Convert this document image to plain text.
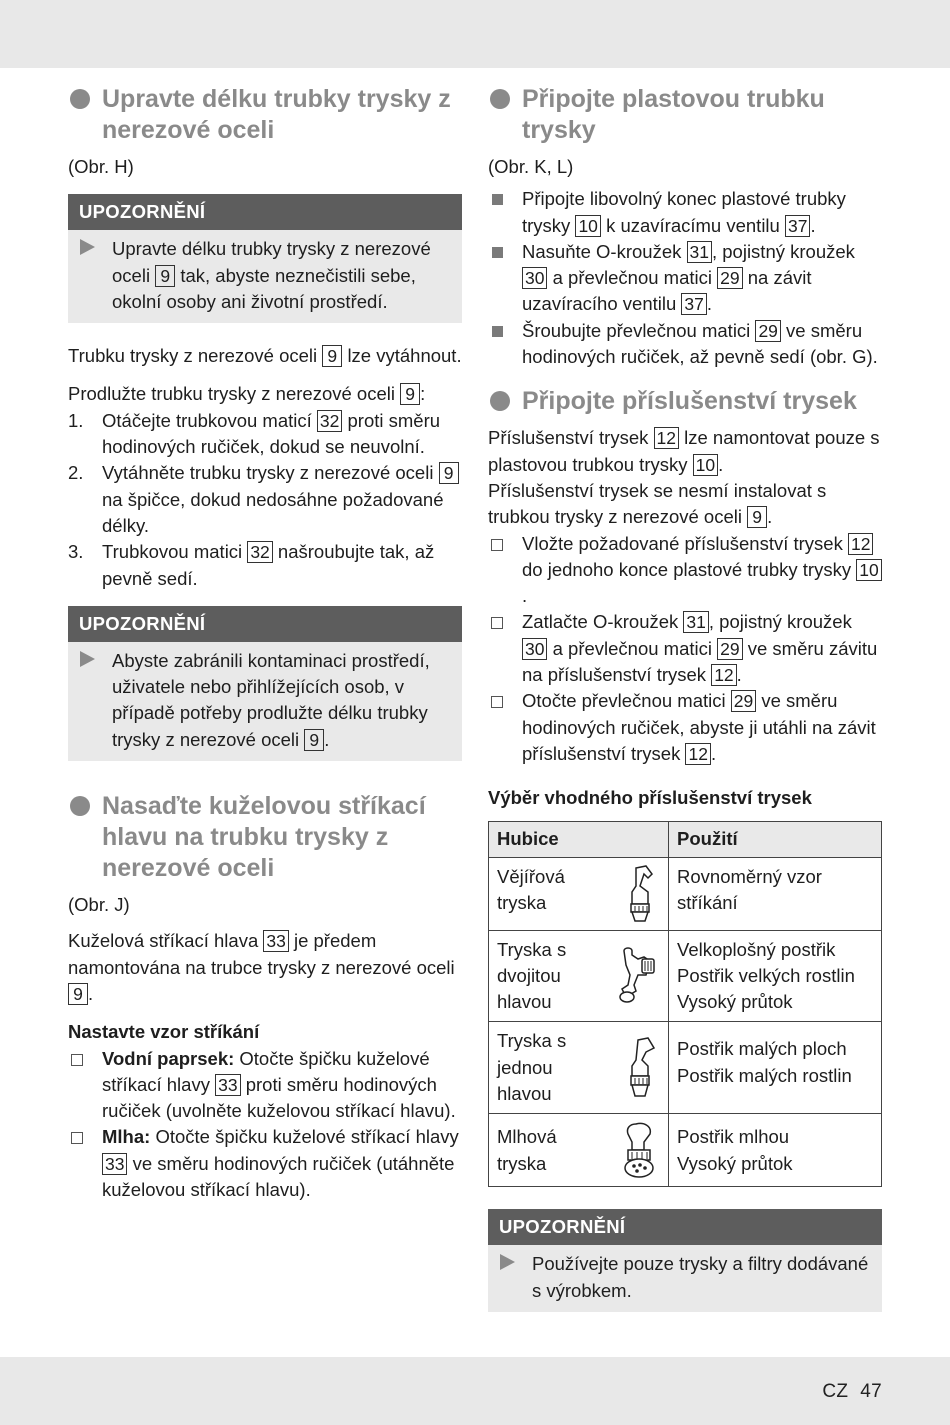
Upravte délku trubky trysky z nerezové oceli
(Obr. H)
UPOZORNĚNÍ
Upravte délku trubky trysky z nerezové oceli 9 tak, abyste neznečistili sebe, okolní osoby ani životní prostředí.
Trubku trysky z nerezové oceli 9 lze vytáhnout.
Prodlužte trubku trysky z nerezové oceli 9 :
1. Otáčejte trubkovou maticí 32 proti směru hodinových ručiček, dokud se neuvolní.
2. Vytáhněte trubku trysky z nerezové oceli 9 na špičce, dokud nedosáhne požadované délky.
3. Trubkovou matici 32 našroubujte tak, až pevně sedí.
UPOZORNĚNÍ
Abyste zabránili kontaminaci prostředí, uživatele nebo přihlížejících osob, v případě potřeby prodlužte délku trubky trysky z nerezové oceli 9 .
Nasaďte kuželovou stříkací hlavu na trubku trysky z nerezové oceli
(Obr. J)
Kuželová stříkací hlava 33 je předem namontována na trubce trysky z nerezové oceli 9 .
Nastavte vzor stříkání
Vodní paprsek: Otočte špičku kuželové stříkací hlavy 33 proti směru hodinových ručiček (uvolněte kuželovou stříkací hlavu).
Mlha: Otočte špičku kuželové stříkací hlavy 33 ve směru hodinových ručiček (utáhněte kuželovou stříkací hlavu).
Připojte plastovou trubku trysky
(Obr. K, L)
Připojte libovolný konec plastové trubky trysky 10 k uzavíracímu ventilu 37 .
Nasuňte O-kroužek 31 , pojistný kroužek 30 a převlečnou matici 29 na závit uzavíracího ventilu 37 .
Šroubujte převlečnou matici 29 ve směru hodinových ručiček, až pevně sedí (obr. G).
Připojte příslušenství trysek
Příslušenství trysek 12 lze namontovat pouze s plastovou trubkou trysky 10 .
Příslušenství trysek se nesmí instalovat s trubkou trysky z nerezové oceli 9 .
Vložte požadované příslušenství trysek 12 do jednoho konce plastové trubky trysky 10.
Zatlačte O-kroužek 31 , pojistný kroužek 30 a převlečnou matici 29 ve směru závitu na příslušenství trysek 12 .
Otočte převlečnou matici 29 ve směru hodinových ručiček, abyste ji utáhli na závit příslušenství trysek 12 .
Výběr vhodného příslušenství trysek
Hubice	Použití

Vějířová tryska	Rovnoměrný vzor stříkání

Tryska s dvojitou hlavou	Velkoplošný postřik
Postřik velkých rostlin
Vysoký průtok

Tryska s jednou hlavou	Postřik malých ploch
Postřik malých rostlin

Mlhová tryska	Postřik mlhou
Vysoký průtok
UPOZORNĚNÍ
Používejte pouze trysky a filtry dodávané s výrobkem.
CZ 47
